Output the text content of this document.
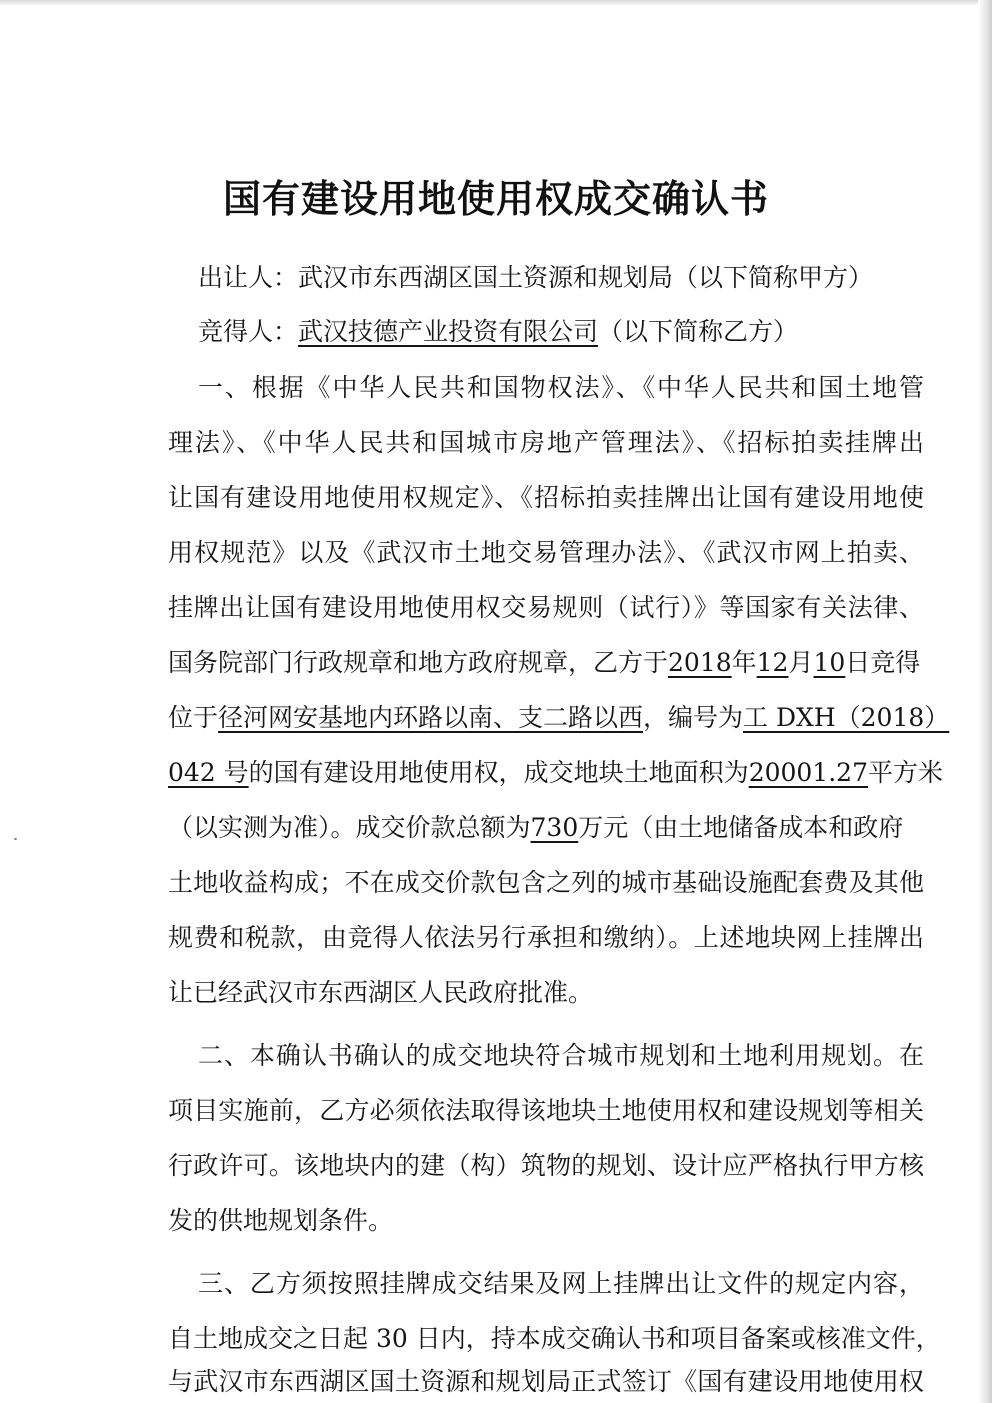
国有建设用地使用权成交确认书
出让人：武汉市东西湖区国土资源和规划局（以下简称甲方）
竞得人：武汉技德产业投资有限公司（以下简称乙方）
一、根据《中华人民共和国物权法》、《中华人民共和国土地管
理法》、《中华人民共和国城市房地产管理法》、《招标拍卖挂牌出
让国有建设用地使用权规定》、《招标拍卖挂牌出让国有建设用地使
用权规范》以及《武汉市土地交易管理办法》、《武汉市网上拍卖、
挂牌出让国有建设用地使用权交易规则（试行）》等国家有关法律、
国务院部门行政规章和地方政府规章，乙方于2018年12月10日竞得
位于径河网安基地内环路以南、支二路以西，编号为工 DXH（2018）
042 号的国有建设用地使用权，成交地块土地面积为20001.27平方米
（以实测为准）。成交价款总额为730万元（由土地储备成本和政府
土地收益构成；不在成交价款包含之列的城市基础设施配套费及其他
规费和税款，由竞得人依法另行承担和缴纳）。上述地块网上挂牌出
让已经武汉市东西湖区人民政府批准。
二、本确认书确认的成交地块符合城市规划和土地利用规划。在
项目实施前，乙方必须依法取得该地块土地使用权和建设规划等相关
行政许可。该地块内的建（构）筑物的规划、设计应严格执行甲方核
发的供地规划条件。
三、乙方须按照挂牌成交结果及网上挂牌出让文件的规定内容，
自土地成交之日起 30 日内，持本成交确认书和项目备案或核准文件，
与武汉市东西湖区国土资源和规划局正式签订《国有建设用地使用权
